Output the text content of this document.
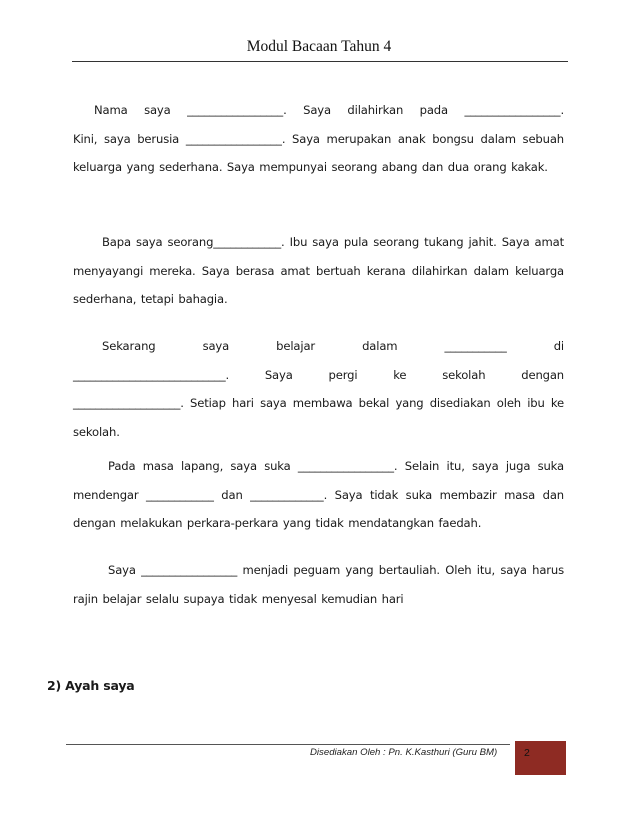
Modul Bacaan Tahun 4
Nama saya _________________. Saya dilahirkan pada _________________.
Kini, saya berusia _________________. Saya merupakan anak bongsu dalam sebuah keluarga yang sederhana. Saya mempunyai seorang abang dan dua orang kakak.
Bapa saya seorang____________. Ibu saya pula seorang tukang jahit. Saya amat menyayangi mereka. Saya berasa amat bertuah kerana dilahirkan dalam keluarga sederhana, tetapi bahagia.
Sekarang saya belajar dalam ___________ di
___________________________. Saya pergi ke sekolah dengan
___________________. Setiap hari saya membawa bekal yang disediakan oleh ibu ke sekolah.
Pada masa lapang, saya suka _________________. Selain itu, saya juga suka mendengar ____________ dan _____________. Saya tidak suka membazir masa dan dengan melakukan perkara-perkara yang tidak mendatangkan faedah.
Saya _________________ menjadi peguam yang bertauliah. Oleh itu, saya harus rajin belajar selalu supaya tidak menyesal kemudian hari
2) Ayah saya
Disediakan Oleh : Pn. K.Kasthuri (Guru BM)	2
